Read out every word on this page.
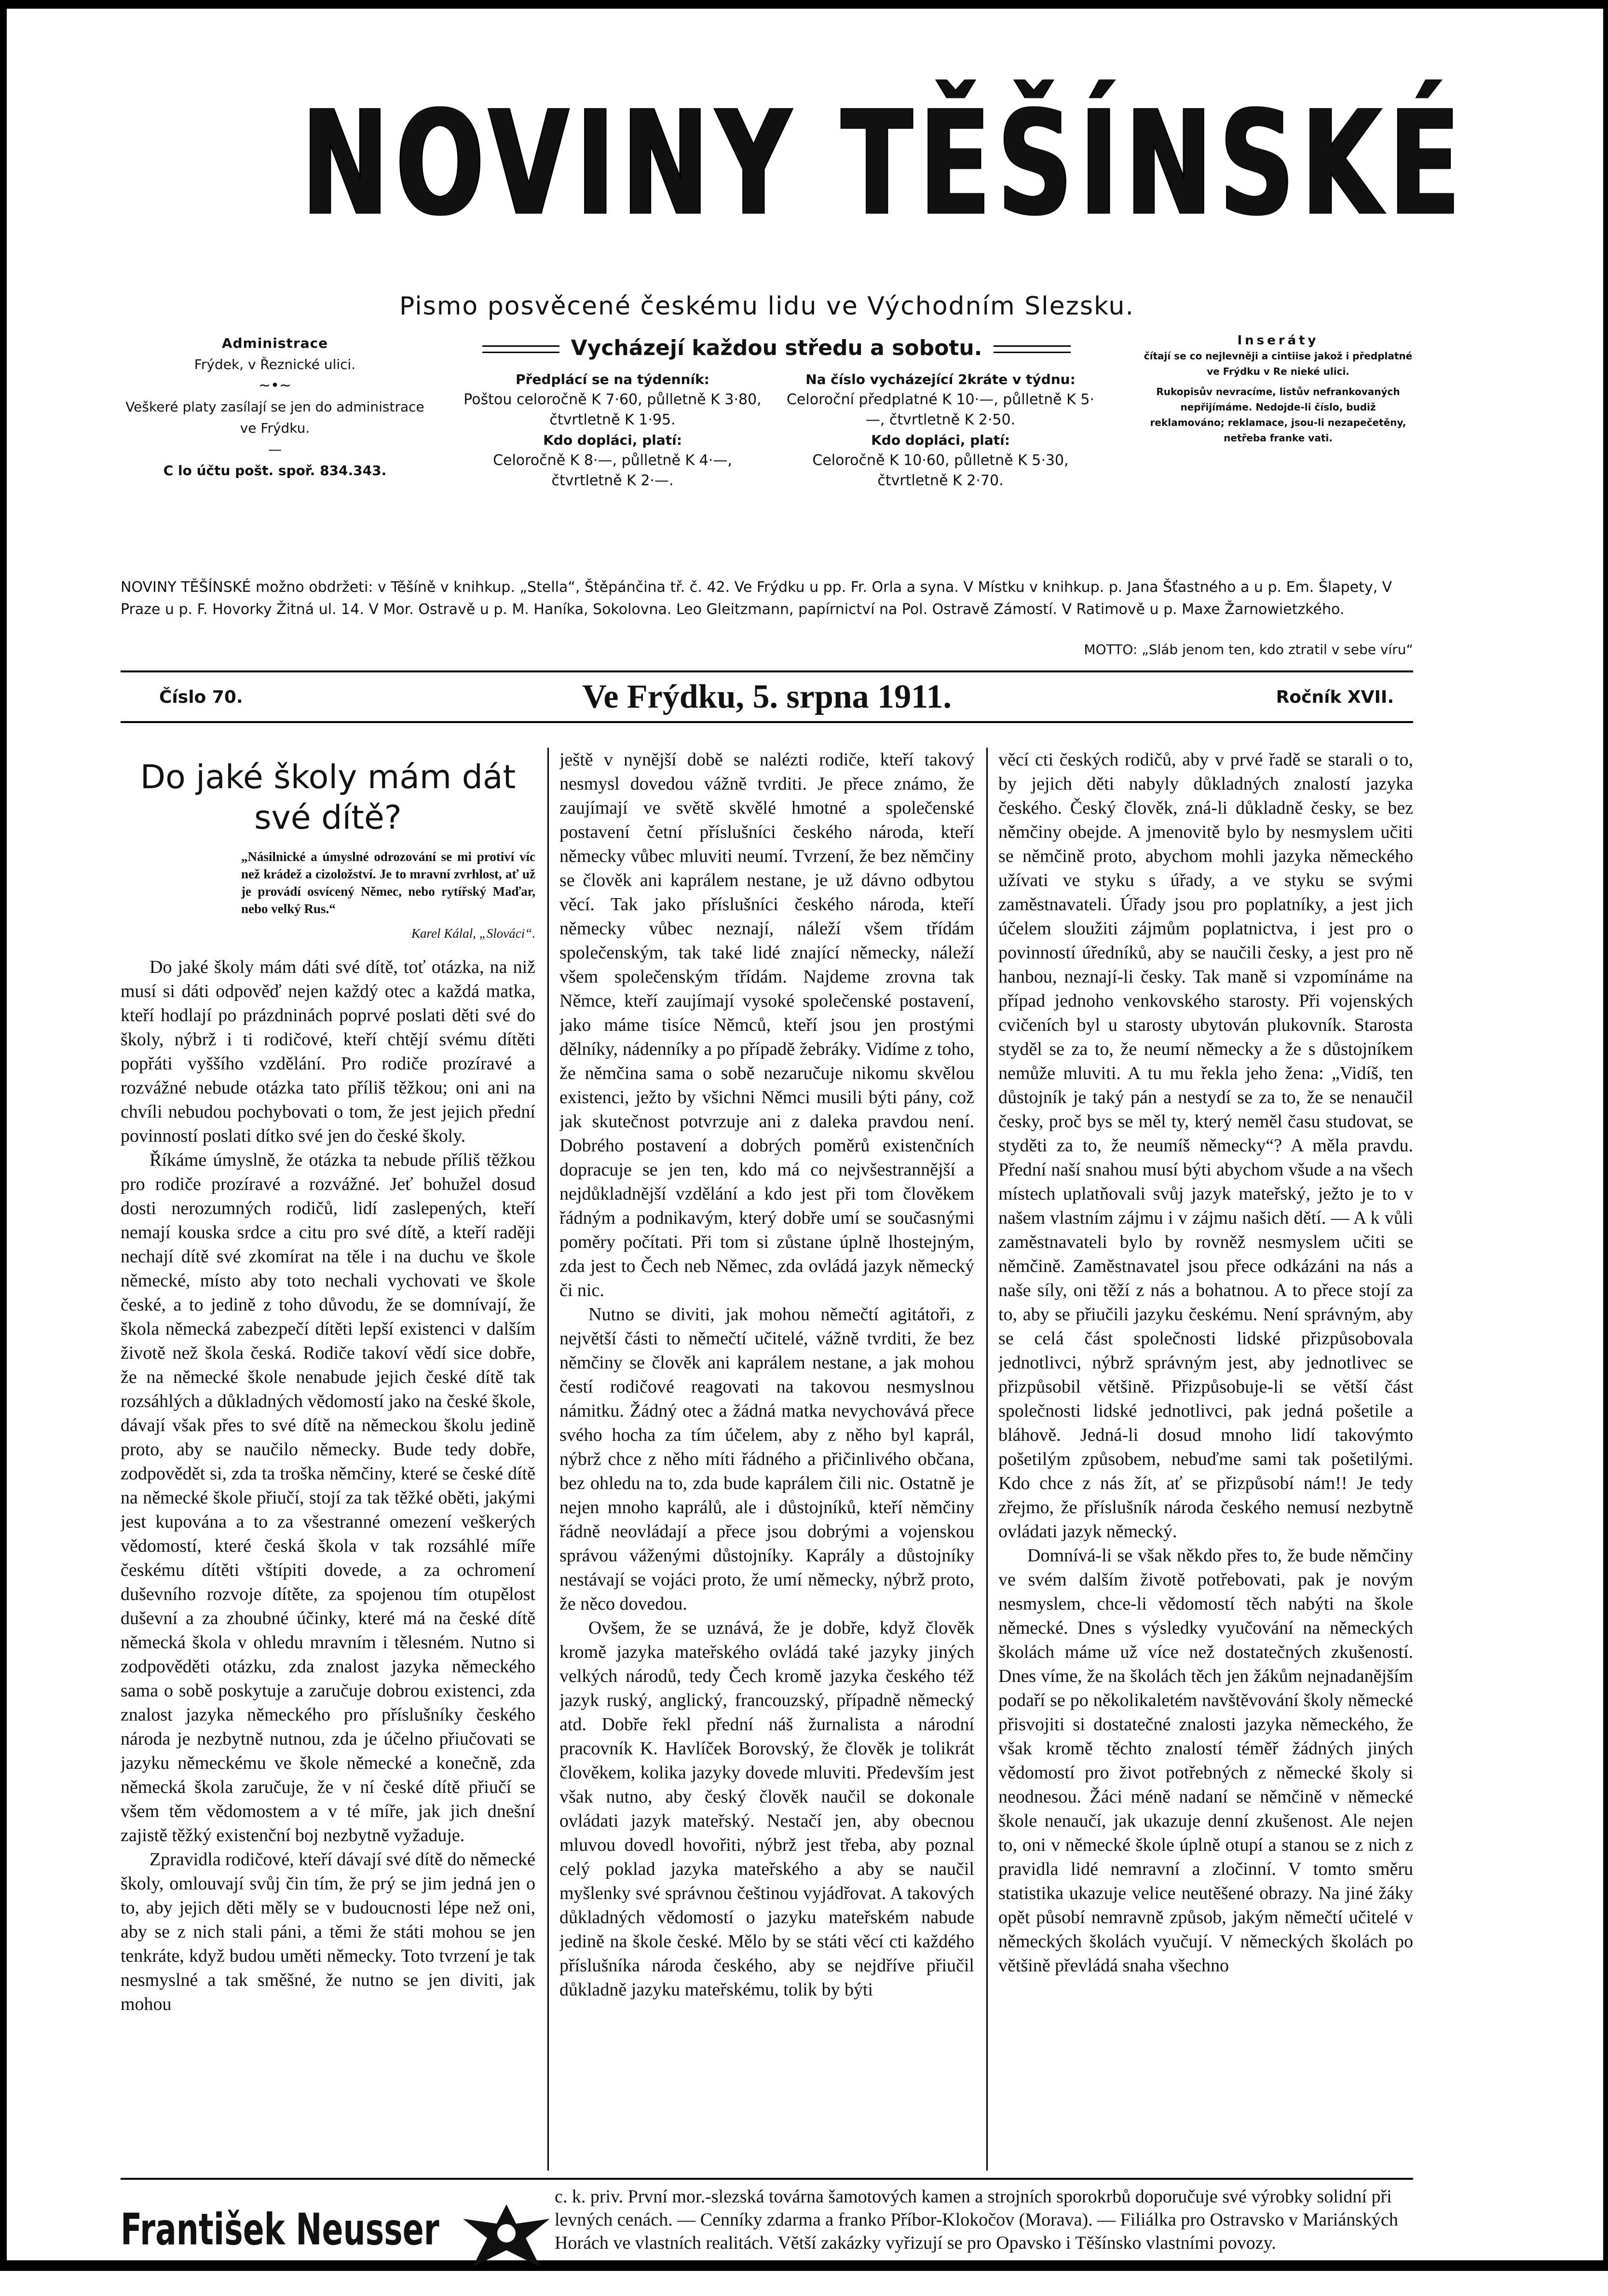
NOVINY TĚŠÍNSKÉ
Pismo posvěcené českému lidu ve Východním Slezsku.
Administrace
Frýdek, v Řeznické ulici.
~•~
Veškeré platy zasílají se jen do administrace ve Frýdku.
—
C lo účtu pošt. spoř. 834.343.
Vycházejí každou středu a sobotu.
Předplácí se na týdenník:
Poštou celoročně K 7·60, půlletně K 3·80, čtvrtletně K 1·95.
Kdo dopláci, platí:
Celoročně K 8·—, půlletně K 4·—, čtvrtletně K 2·—.
Na číslo vycházející 2kráte v týdnu:
Celoroční předplatné K 10·—, půlletně K 5·—, čtvrtletně K 2·50.
Kdo dopláci, platí:
Celoročně K 10·60, půlletně K 5·30, čtvrtletně K 2·70.
Inseráty
čítají se co nejlevněji a cintiise jakož i předplatné ve Frýdku v Re nieké ulici.
Rukopisův nevracíme, listův nefrankovaných nepřijímáme. Nedojde-li číslo, budiž reklamováno; reklamace, jsou-li nezapečetěny, netřeba franke vati.
NOVINY TĚŠÍNSKÉ možno obdržeti: v Těšíně v knihkup. „Stella“, Štěpánčina tř. č. 42. Ve Frýdku u pp. Fr. Orla a syna. V Místku v knihkup. p. Jana Šťastného a u p. Em. Šlapety, V Praze u p. F. Hovorky Žitná ul. 14. V Mor. Ostravě u p. M. Haníka, Sokolovna. Leo Gleitzmann, papírnictví na Pol. Ostravě Zámostí. V Ratimově u p. Maxe Žarnowietzkého.
MOTTO: „Sláb jenom ten, kdo ztratil v sebe víru“
Číslo 70.	Ve Frýdku, 5. srpna 1911.	Ročník XVII.
Do jaké školy mám dát své dítě?
„Násilnické a úmyslné odrozování se mi protiví víc než krádež a cizoložství. Je to mravní zvrhlost, ať už je provádí osvícený Němec, nebo rytířský Maďar, nebo velký Rus.“
Karel Kálal, „Slováci“.

Do jaké školy mám dáti své dítě, toť otázka, na niž musí si dáti odpověď nejen každý otec a každá matka, kteří hodlají po prázdninách poprvé poslati děti své do školy, nýbrž i ti rodičové, kteří chtějí svému dítěti popřáti vyššího vzdělání. Pro rodiče prozíravé a rozvážné nebude otázka tato příliš těžkou; oni ani na chvíli nebudou pochybovati o tom, že jest jejich přední povinností poslati dítko své jen do české školy.

Říkáme úmyslně, že otázka ta nebude příliš těžkou pro rodiče prozíravé a rozvážné. Jeť bohužel dosud dosti nerozumných rodičů, lidí zaslepených, kteří nemají kouska srdce a citu pro své dítě, a kteří raději nechají dítě své zkomírat na těle i na duchu ve škole německé, místo aby toto nechali vychovati ve škole české, a to jedině z toho důvodu, že se domnívají, že škola německá zabezpečí dítěti lepší existenci v dalším životě než škola česká. Rodiče takoví vědí sice dobře, že na německé škole nenabude jejich české dítě tak rozsáhlých a důkladných vědomostí jako na české škole, dávají však přes to své dítě na německou školu jedině proto, aby se naučilo německy. Bude tedy dobře, zodpovědět si, zda ta troška němčiny, které se české dítě na německé škole přiučí, stojí za tak těžké oběti, jakými jest kupována a to za všestranné omezení veškerých vědomostí, které česká škola v tak rozsáhlé míře českému dítěti vštípiti dovede, a za ochromení duševního rozvoje dítěte, za spojenou tím otupělost duševní a za zhoubné účinky, které má na české dítě německá škola v ohledu mravním i tělesném. Nutno si zodpověděti otázku, zda znalost jazyka německého sama o sobě poskytuje a zaručuje dobrou existenci, zda znalost jazyka německého pro příslušníky českého národa je nezbytně nutnou, zda je účelno přiučovati se jazyku německému ve škole německé a konečně, zda německá škola zaručuje, že v ní české dítě přiučí se všem těm vědomostem a v té míře, jak jich dnešní zajistě těžký existenční boj nezbytně vyžaduje.

Zpravidla rodičové, kteří dávají své dítě do německé školy, omlouvají svůj čin tím, že prý se jim jedná jen o to, aby jejich děti měly se v budoucnosti lépe než oni, aby se z nich stali páni, a těmi že státi mohou se jen tenkráte, když budou uměti německy. Toto tvrzení je tak nesmyslné a tak směšné, že nutno se jen diviti, jak mohou

ještě v nynější době se nalézti rodiče, kteří takový nesmysl dovedou vážně tvrditi. Je přece známo, že zaujímají ve světě skvělé hmotné a společenské postavení četní příslušníci českého národa, kteří německy vůbec mluviti neumí. Tvrzení, že bez němčiny se člověk ani kaprálem nestane, je už dávno odbytou věcí. Tak jako příslušníci českého národa, kteří německy vůbec neznají, náleží všem třídám společenským, tak také lidé znající německy, náleží všem společenským třídám. Najdeme zrovna tak Němce, kteří zaujímají vysoké společenské postavení, jako máme tisíce Němců, kteří jsou jen prostými dělníky, nádenníky a po případě žebráky. Vidíme z toho, že němčina sama o sobě nezaručuje nikomu skvělou existenci, ježto by všichni Němci musili býti pány, což jak skutečnost potvrzuje ani z daleka pravdou není. Dobrého postavení a dobrých poměrů existenčních dopracuje se jen ten, kdo má co nejvšestrannější a nejdůkladnější vzdělání a kdo jest při tom člověkem řádným a podnikavým, který dobře umí se současnými poměry počítati. Při tom si zůstane úplně lhostejným, zda jest to Čech neb Němec, zda ovládá jazyk německý či nic.

Nutno se diviti, jak mohou němečtí agitátoři, z největší části to němečtí učitelé, vážně tvrditi, že bez němčiny se člověk ani kaprálem nestane, a jak mohou čestí rodičové reagovati na takovou nesmyslnou námitku. Žádný otec a žádná matka nevychovává přece svého hocha za tím účelem, aby z něho byl kaprál, nýbrž chce z něho míti řádného a přičinlivého občana, bez ohledu na to, zda bude kaprálem čili nic. Ostatně je nejen mnoho kaprálů, ale i důstojníků, kteří němčiny řádně neovládají a přece jsou dobrými a vojenskou správou váženými důstojníky. Kaprály a důstojníky nestávají se vojáci proto, že umí německy, nýbrž proto, že něco dovedou.

Ovšem, že se uznává, že je dobře, když člověk kromě jazyka mateřského ovládá také jazyky jiných velkých národů, tedy Čech kromě jazyka českého též jazyk ruský, anglický, francouzský, případně německý atd. Dobře řekl přední náš žurnalista a národní pracovník K. Havlíček Borovský, že člověk je tolikrát člověkem, kolika jazyky dovede mluviti. Především jest však nutno, aby český člověk naučil se dokonale ovládati jazyk mateřský. Nestačí jen, aby obecnou mluvou dovedl hovořiti, nýbrž jest třeba, aby poznal celý poklad jazyka mateřského a aby se naučil myšlenky své správnou češtinou vyjádřovat. A takových důkladných vědomostí o jazyku mateřském nabude jedině na škole české. Mělo by se státi věcí cti každého příslušníka národa českého, aby se nejdříve přiučil důkladně jazyku mateřskému, tolik by býti

věcí cti českých rodičů, aby v prvé řadě se starali o to, by jejich děti nabyly důkladných znalostí jazyka českého. Český člověk, zná-li důkladně česky, se bez němčiny obejde. A jmenovitě bylo by nesmyslem učiti se němčině proto, abychom mohli jazyka německého užívati ve styku s úřady, a ve styku se svými zaměstnavateli. Úřady jsou pro poplatníky, a jest jich účelem sloužiti zájmům poplatnictva, i jest pro o povinností úředníků, aby se naučili česky, a jest pro ně hanbou, neznají-li česky. Tak maně si vzpomínáme na případ jednoho venkovského starosty. Při vojenských cvičeních byl u starosty ubytován plukovník. Starosta styděl se za to, že neumí německy a že s důstojníkem nemůže mluviti. A tu mu řekla jeho žena: „Vidíš, ten důstojník je taký pán a nestydí se za to, že se nenaučil česky, proč bys se měl ty, který neměl času studovat, se styděti za to, že neumíš německy“? A měla pravdu. Přední naší snahou musí býti abychom všude a na všech místech uplatňovali svůj jazyk mateřský, ježto je to v našem vlastním zájmu i v zájmu našich dětí. — A k vůli zaměstnavateli bylo by rovněž nesmyslem učiti se němčině. Zaměstnavatel jsou přece odkázáni na nás a naše síly, oni těží z nás a bohatnou. A to přece stojí za to, aby se přiučili jazyku českému. Není správným, aby se celá část společnosti lidské přizpůsobovala jednotlivci, nýbrž správným jest, aby jednotlivec se přizpůsobil většině. Přizpůsobuje-li se větší část společnosti lidské jednotlivci, pak jedná pošetile a bláhově. Jedná-li dosud mnoho lidí takovýmto pošetilým způsobem, nebuďme sami tak pošetilými. Kdo chce z nás žít, ať se přizpůsobí nám!! Je tedy zřejmo, že příslušník národa českého nemusí nezbytně ovládati jazyk německý.

Domnívá-li se však někdo přes to, že bude němčiny ve svém dalším životě potřebovati, pak je novým nesmyslem, chce-li vědomostí těch nabýti na škole německé. Dnes s výsledky vyučování na německých školách máme už více než dostatečných zkušeností. Dnes víme, že na školách těch jen žákům nejnadanějším podaří se po několikaletém navštěvování školy německé přisvojiti si dostatečné znalosti jazyka německého, že však kromě těchto znalostí téměř žádných jiných vědomostí pro život potřebných z německé školy si neodnesou. Žáci méně nadaní se němčině v německé škole nenaučí, jak ukazuje denní zkušenost. Ale nejen to, oni v německé škole úplně otupí a stanou se z nich z pravidla lidé nemravní a zločinní. V tomto směru statistika ukazuje velice neutěšené obrazy. Na jiné žáky opět působí nemravně způsob, jakým němečtí učitelé v německých školách vyučují. V německých školách po většině převládá snaha všechno

František Neusser
c. k. priv. První mor.-slezská továrna šamotových kamen a strojních sporokrbů doporučuje své výrobky solidní při levných cenách. — Cenníky zdarma a franko Příbor-Klokočov (Morava). — Filiálka pro Ostravsko v Mariánských Horách ve vlastních realitách. Větší zakázky vyřizují se pro Opavsko i Těšínsko vlastními povozy.
